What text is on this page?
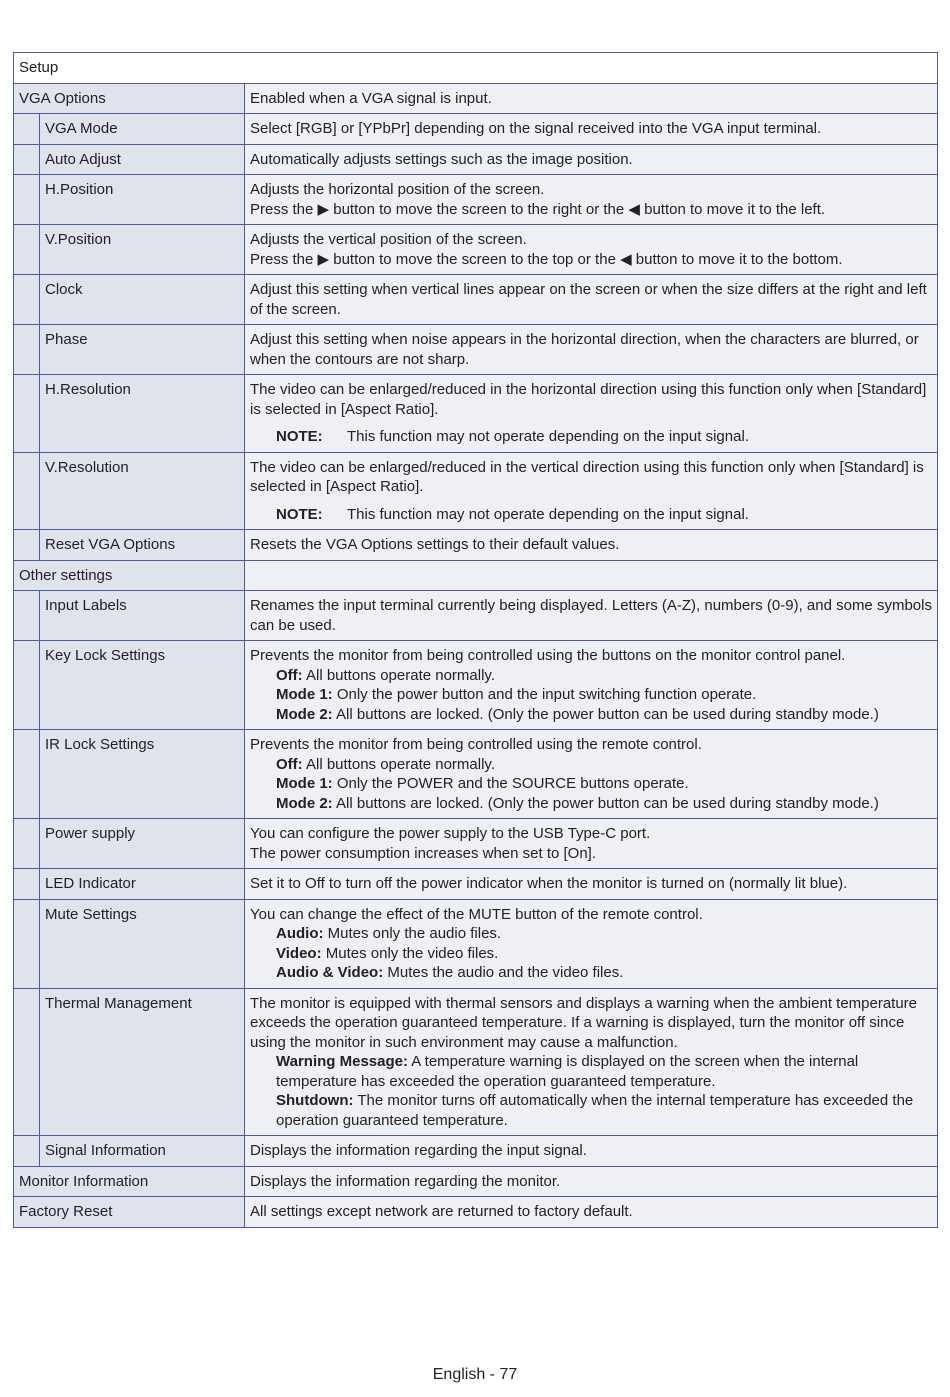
Setup
VGA Options	Enabled when a VGA signal is input.
VGA Mode	Select [RGB] or [YPbPr] depending on the signal received into the VGA input terminal.
Auto Adjust	Automatically adjusts settings such as the image position.
H.Position	Adjusts the horizontal position of the screen.
Press the ▶ button to move the screen to the right or the ◀ button to move it to the left.
V.Position	Adjusts the vertical position of the screen.
Press the ▶ button to move the screen to the top or the ◀ button to move it to the bottom.
Clock	Adjust this setting when vertical lines appear on the screen or when the size differs at the right and left of the screen.
Phase	Adjust this setting when noise appears in the horizontal direction, when the characters are blurred, or when the contours are not sharp.
H.Resolution	The video can be enlarged/reduced in the horizontal direction using this function only when [Standard] is selected in [Aspect Ratio].
NOTE: This function may not operate depending on the input signal.
V.Resolution	The video can be enlarged/reduced in the vertical direction using this function only when [Standard] is selected in [Aspect Ratio].
NOTE: This function may not operate depending on the input signal.
Reset VGA Options	Resets the VGA Options settings to their default values.
Other settings
Input Labels	Renames the input terminal currently being displayed. Letters (A-Z), numbers (0-9), and some symbols can be used.
Key Lock Settings	Prevents the monitor from being controlled using the buttons on the monitor control panel.
Off: All buttons operate normally.
Mode 1: Only the power button and the input switching function operate.
Mode 2: All buttons are locked. (Only the power button can be used during standby mode.)
IR Lock Settings	Prevents the monitor from being controlled using the remote control.
Off: All buttons operate normally.
Mode 1: Only the POWER and the SOURCE buttons operate.
Mode 2: All buttons are locked. (Only the power button can be used during standby mode.)
Power supply	You can configure the power supply to the USB Type-C port.
The power consumption increases when set to [On].
LED Indicator	Set it to Off to turn off the power indicator when the monitor is turned on (normally lit blue).
Mute Settings	You can change the effect of the MUTE button of the remote control.
Audio: Mutes only the audio files.
Video: Mutes only the video files.
Audio & Video: Mutes the audio and the video files.
Thermal Management	The monitor is equipped with thermal sensors and displays a warning when the ambient temperature exceeds the operation guaranteed temperature. If a warning is displayed, turn the monitor off since using the monitor in such environment may cause a malfunction.
Warning Message: A temperature warning is displayed on the screen when the internal temperature has exceeded the operation guaranteed temperature.
Shutdown: The monitor turns off automatically when the internal temperature has exceeded the operation guaranteed temperature.
Signal Information	Displays the information regarding the input signal.
Monitor Information	Displays the information regarding the monitor.
Factory Reset	All settings except network are returned to factory default.
English - 77
